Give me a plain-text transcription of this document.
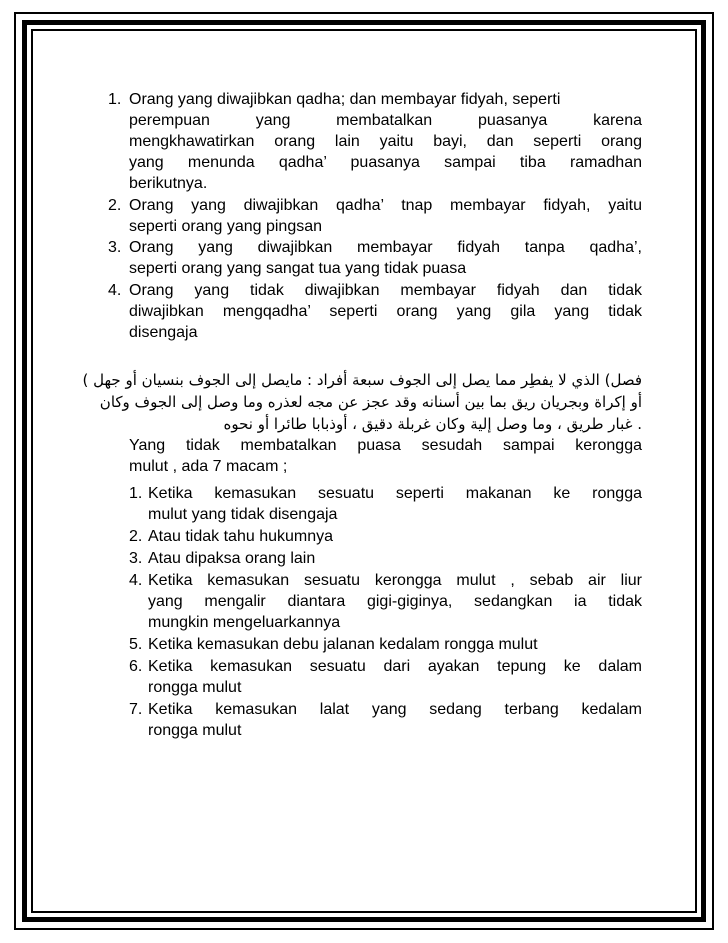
1. Orang yang diwajibkan qadha; dan membayar fidyah, seperti
perempuan yang membatalkan puasanya karena
mengkhawatirkan orang lain yaitu bayi, dan seperti orang
yang menunda qadha’ puasanya sampai tiba ramadhan
berikutnya.
2. Orang yang diwajibkan qadha’ tnap membayar fidyah, yaitu
seperti orang yang pingsan
3. Orang yang diwajibkan membayar fidyah tanpa qadha’,
seperti orang yang sangat tua yang tidak puasa
4. Orang yang tidak diwajibkan membayar fidyah dan tidak
diwajibkan mengqadha’ seperti orang yang gila yang tidak
disengaja
فصل) الذي لا يفطِر مما يصل إلى الجوف سبعة أفراد : مايصل إلى الجوف بنسيان أو جهل )
أو إكراة وبجريان ريق بما بين أسنانه وقد عجز عن مجه لعذره وما وصل إلى الجوف وكان
. غبار طريق ، وما وصل إلية وكان غربلة دقيق ، أوذبابا طائرا أو نحوه
Yang tidak membatalkan puasa sesudah sampai kerongga
mulut , ada 7 macam ;
1. Ketika kemasukan sesuatu seperti makanan ke rongga
mulut yang tidak disengaja
2. Atau tidak tahu hukumnya
3. Atau dipaksa orang lain
4. Ketika kemasukan sesuatu kerongga mulut , sebab air liur
yang mengalir diantara gigi-giginya, sedangkan ia tidak
mungkin mengeluarkannya
5. Ketika kemasukan debu jalanan kedalam rongga mulut
6. Ketika kemasukan sesuatu dari ayakan tepung ke dalam
rongga mulut
7. Ketika kemasukan lalat yang sedang terbang kedalam
rongga mulut
